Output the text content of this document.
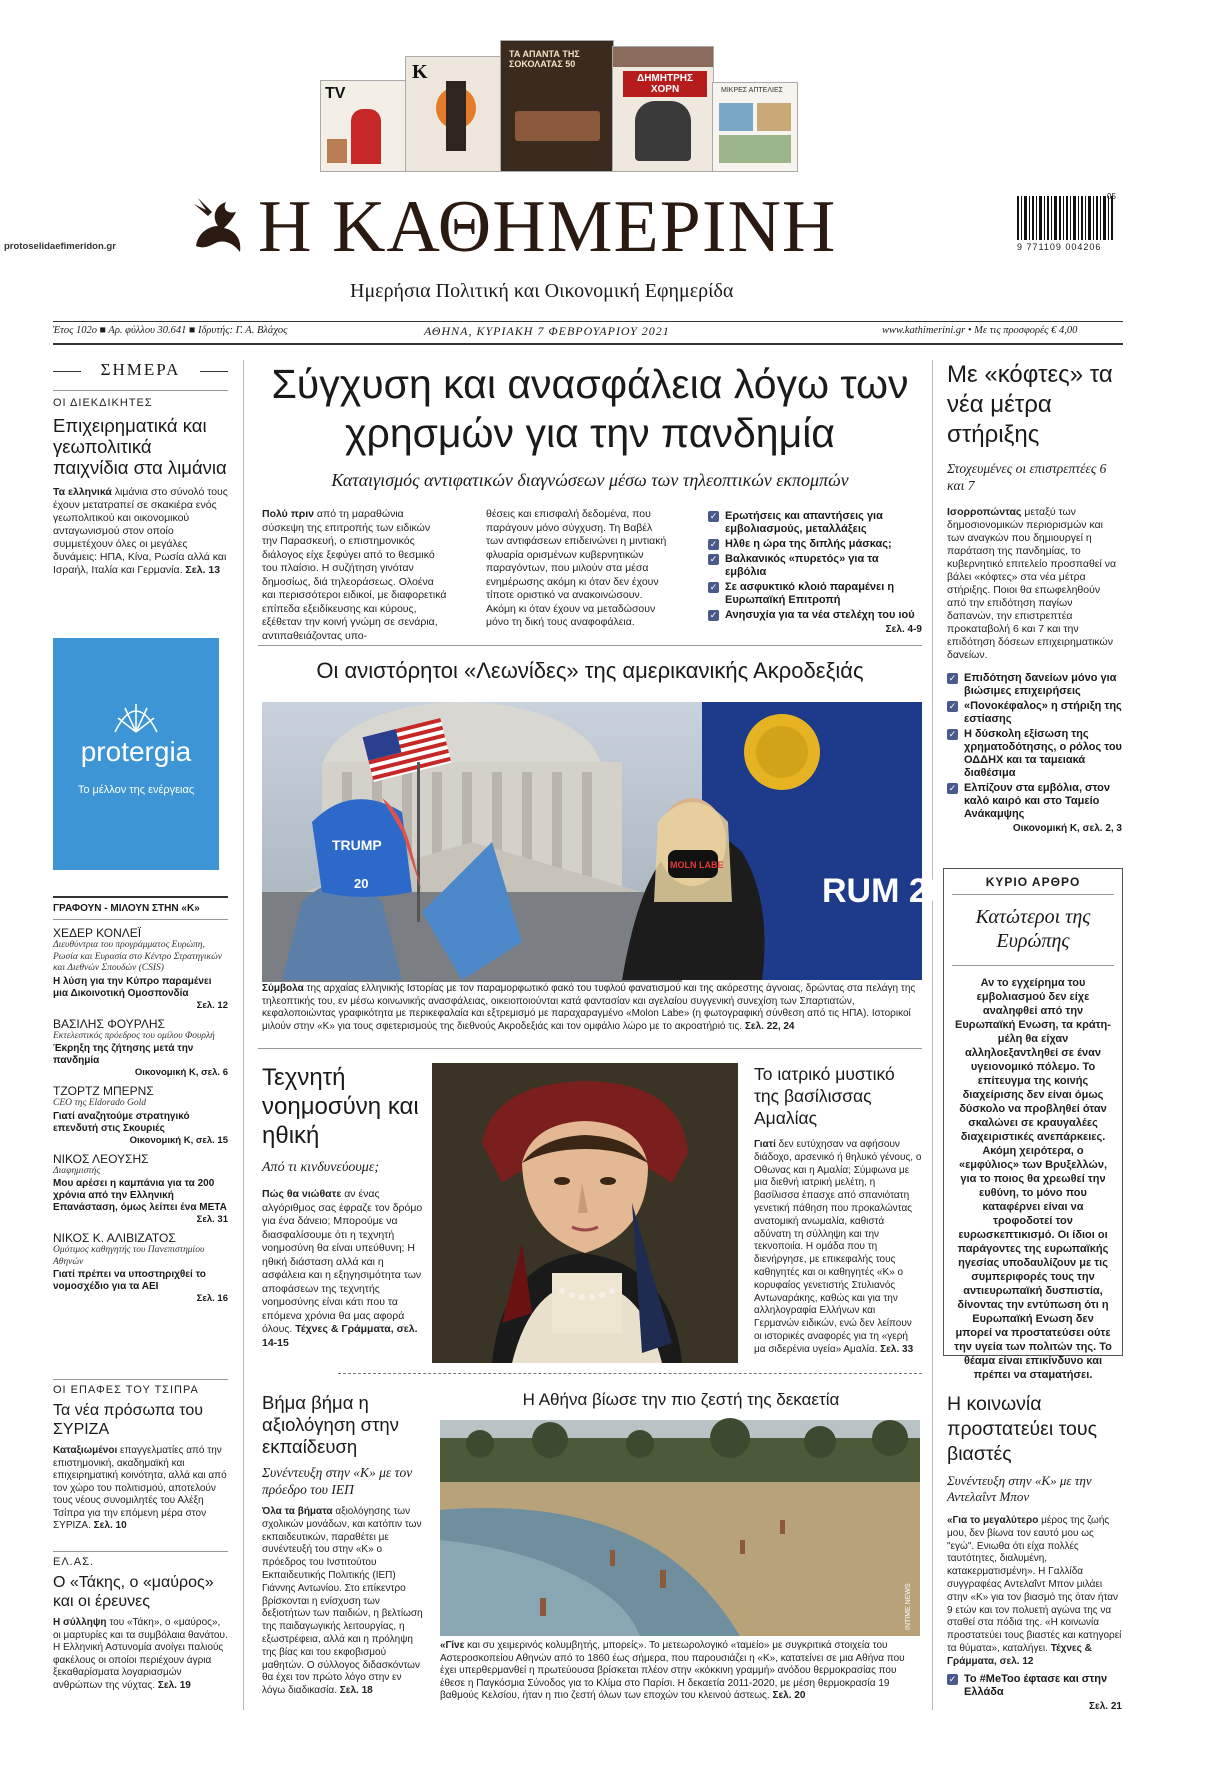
protoselidaefimeridon.gr
TV
K
ΤΑ ΑΠΑΝΤΑ ΤΗΣ ΣΟΚΟΛΑΤΑΣ 50
ΔΗΜΗΤΡΗΣ ΧΟΡΝ	ΜΙΚΡΕΣ ΑΠΤΕΛΙΕΣ
Η ΚΑΘΗΜΕΡΙΝΗ
Ημερήσια Πολιτική και Οικονομική Εφημερίδα
05
9 771109 004206
Έτος 102ο ■ Αρ. φύλλου 30.641 ■ Ιδρυτής: Γ. Α. Βλάχος	ΑΘΗΝΑ, ΚΥΡΙΑΚΗ 7 ΦΕΒΡΟΥΑΡΙΟΥ 2021	www.kathimerini.gr • Με τις προσφορές € 4,00
ΣΗΜΕΡΑ
ΟΙ ΔΙΕΚΔΙΚΗΤΕΣ
Επιχειρηματικά και γεωπολιτικά παιχνίδια στα λιμάνια
Τα ελληνικά λιμάνια στο σύνολό τους έχουν μετατραπεί σε σκακιέρα ενός γεωπολιτικού και οικονομικού ανταγωνισμού στον οποίο συμμετέχουν όλες οι μεγάλες δυνάμεις: ΗΠΑ, Κίνα, Ρωσία αλλά και Ισραήλ, Ιταλία και Γερμανία. Σελ. 13
protergia
Το μέλλον της ενέργειας
ΓΡΑΦΟΥΝ - ΜΙΛΟΥΝ ΣΤΗΝ «Κ»
ΧΕΔΕΡ ΚΟΝΛΕΪ
Διευθύντρια του προγράμματος Ευρώπη, Ρωσία και Ευρασία στο Κέντρο Στρατηγικών και Διεθνών Σπουδών (CSIS)
Η λύση για την Κύπρο παραμένει μια Δικοινοτική Ομοσπονδία
Σελ. 12
ΒΑΣΙΛΗΣ ΦΟΥΡΛΗΣ
Εκτελεστικός πρόεδρος του ομίλου Φουρλή
Έκρηξη της ζήτησης μετά την πανδημία
Οικονομική Κ, σελ. 6
ΤΖΟΡΤΖ ΜΠΕΡΝΣ
CEO της Eldorado Gold
Γιατί αναζητούμε στρατηγικό επενδυτή στις Σκουριές
Οικονομική Κ, σελ. 15
ΝΙΚΟΣ ΛΕΟΥΣΗΣ
Διαφημιστής
Μου αρέσει η καμπάνια για τα 200 χρόνια από την Ελληνική Επανάσταση, όμως λείπει ένα ΜΕΤΑ
Σελ. 31
ΝΙΚΟΣ Κ. ΑΛΙΒΙΖΑΤΟΣ
Ομότιμος καθηγητής του Πανεπιστημίου Αθηνών
Γιατί πρέπει να υποστηριχθεί το νομοσχέδιο για τα ΑΕΙ
Σελ. 16
ΟΙ ΕΠΑΦΕΣ ΤΟΥ ΤΣΙΠΡΑ
Τα νέα πρόσωπα του ΣΥΡΙΖΑ
Καταξιωμένοι επαγγελματίες από την επιστημονική, ακαδημαϊκή και επιχειρηματική κοινότητα, αλλά και από τον χώρο του πολιτισμού, αποτελούν τους νέους συνομιλητές του Αλέξη Τσίπρα για την επόμενη μέρα στον ΣΥΡΙΖΑ. Σελ. 10
ΕΛ.ΑΣ.
Ο «Τάκης, ο «μαύρος» και οι έρευνες
Η σύλληψη του «Τάκη», ο «μαύρος», οι μαρτυρίες και τα συμβόλαια θανάτου. Η Ελληνική Αστυνομία ανοίγει παλιούς φακέλους οι οποίοι περιέχουν άγρια ξεκαθαρίσματα λογαριασμών ανθρώπων της νύχτας. Σελ. 19
Σύγχυση και ανασφάλεια λόγω των χρησμών για την πανδημία
Καταιγισμός αντιφατικών διαγνώσεων μέσω των τηλεοπτικών εκπομπών
Πολύ πριν από τη μαραθώνια σύσκεψη της επιτροπής των ειδικών την Παρασκευή, ο επιστημονικός διάλογος είχε ξεφύγει από το θεσμικό του πλαίσιο. Η συζήτηση γινόταν δημοσίως, διά τηλεοράσεως. Ολοένα και περισσότεροι ειδικοί, με διαφορετικά επίπεδα εξειδίκευσης και κύρους, εξέθεταν την κοινή γνώμη σε σενάρια, αντιπαθειάζοντας υπο-
θέσεις και επισφαλή δεδομένα, που παράγουν μόνο σύγχυση. Τη Βαβέλ των αντιφάσεων επιδεινώνει η μιντιακή φλυαρία ορισμένων κυβερνητικών παραγόντων, που μιλούν στα μέσα ενημέρωσης ακόμη κι όταν δεν έχουν τίποτε οριστικό να ανακοινώσουν. Ακόμη κι όταν έχουν να μεταδώσουν μόνο τη δική τους αναφοφάλεια.
✓ Ερωτήσεις και απαντήσεις για εμβολιασμούς, μεταλλάξεις
✓ Ηλθε η ώρα της διπλής μάσκας;
✓ Βαλκανικός «πυρετός» για τα εμβόλια
✓ Σε ασφυκτικό κλοιό παραμένει η Ευρωπαϊκή Επιτροπή
✓ Ανησυχία για τα νέα στελέχη του ιού
Σελ. 4-9
Οι ανιστόρητοι «Λεωνίδες» της αμερικανικής Ακροδεξιάς
TRUMP
20	RUM 2020
MOLN LABE
Σύμβολα της αρχαίας ελληνικής Ιστορίας με τον παραμορφωτικό φακό του τυφλού φανατισμού και της ακόρεστης άγνοιας, δρώντας στα πελάγη της τηλεοπτικής του, εν μέσω κοινωνικής ανασφάλειας, οικειοποιούνται κατά φαντασίαν και αγελαίου συγγενική συνεχίση των Σπαρτιατών, κεφαλοποιώντας γραφικότητα με περικεφαλαία και εξτρεμισμό με παραχαραγμένο «Molon Labe» (η φωτογραφική σύνθεση από τις ΗΠΑ). Ιστορικοί μιλούν στην «Κ» για τους σφετερισμούς της διεθνούς Ακροδεξιάς και τον ομφάλιο λώρο με το ακροατήριό τις. Σελ. 22, 24
Τεχνητή νοημοσύνη και ηθική
Από τι κινδυνεύουμε;
Πώς θα νιώθατε αν ένας αλγόριθμος σας έφραζε τον δρόμο για ένα δάνειο; Μπορούμε να διασφαλίσουμε ότι η τεχνητή νοημοσύνη θα είναι υπεύθυνη; Η ηθική διάσταση αλλά και η ασφάλεια και η εξηγησιμότητα των αποφάσεων της τεχνητής νοημοσύνης είναι κάτι που τα επόμενα χρόνια θα μας αφορά όλους. Τέχνες & Γράμματα, σελ. 14-15
Το ιατρικό μυστικό της βασίλισσας Αμαλίας
Γιατί δεν ευτύχησαν να αφήσουν διάδοχο, αρσενικό ή θηλυκό γένους, ο Οθωνας και η Αμαλία; Σύμφωνα με μια διεθνή ιατρική μελέτη, η βασίλισσα έπασχε από σπανιότατη γενετική πάθηση που προκαλώντας ανατομική ανωμαλία, καθιστά αδύνατη τη σύλληψη και την τεκνοποιία. Η ομάδα που τη διενήργησε, με επικεφαλής τους καθηγητές και οι καθηγητές «Κ» ο κορυφαίος γενετιστής Στυλιανός Αντωναράκης, καθώς και για την αλληλογραφία Ελλήνων και Γερμανών ειδικών, ενώ δεν λείπουν οι ιστορικές αναφορές για τη «γερή μα σιδερένια υγεία» Αμαλία. Σελ. 33
Βήμα βήμα η αξιολόγηση στην εκπαίδευση
Συνέντευξη στην «Κ» με τον πρόεδρο του ΙΕΠ
Όλα τα βήματα αξιολόγησης των σχολικών μονάδων, και κατόπιν των εκπαιδευτικών, παραθέτει με συνέντευξή του στην «Κ» ο πρόεδρος του Ινστιτούτου Εκπαιδευτικής Πολιτικής (ΙΕΠ) Γιάννης Αντωνίου. Στο επίκεντρο βρίσκονται η ενίσχυση των δεξιοτήτων των παιδιών, η βελτίωση της παιδαγωγικής λειτουργίας, η εξωστρέφεια, αλλά και η πρόληψη της βίας και του εκφοβισμού μαθητών. Ο σύλλογος διδασκόντων θα έχει τον πρώτο λόγο στην εν λόγω διαδικασία. Σελ. 18
Η Αθήνα βίωσε την πιο ζεστή της δεκαετία
INTIME NEWS
«Γίνε και συ χειμερινός κολυμβητής, μπορείς». Το μετεωρολογικό «ταμείο» με συγκριτικά στοιχεία του Αστεροσκοπείου Αθηνών από το 1860 έως σήμερα, που παρουσιάζει η «Κ», κατατείνει σε μια Αθήνα που έχει υπερθερμανθεί η πρωτεύουσα βρίσκεται πλέον στην «κόκκινη γραμμή» ανόδου θερμοκρασίας που έθεσε η Παγκόσμια Σύνοδος για το Κλίμα στο Παρίσι. Η δεκαετία 2011-2020, με μέση θερμοκρασία 19 βαθμούς Κελσίου, ήταν η πιο ζεστή όλων των εποχών του κλεινού άστεως. Σελ. 20
Με «κόφτες» τα νέα μέτρα στήριξης
Στοχευμένες οι επιστρεπτέες 6 και 7
Ισορροπώντας μεταξύ των δημοσιονομικών περιορισμών και των αναγκών που δημιουργεί η παράταση της πανδημίας, το κυβερνητικό επιτελείο προσπαθεί να βάλει «κόφτες» στα νέα μέτρα στήριξης. Ποιοι θα επωφεληθούν από την επιδότηση παγίων δαπανών, την επιστρεπτέα προκαταβολή 6 και 7 και την επιδότηση δόσεων επιχειρηματικών δανείων.
✓ Επιδότηση δανείων μόνο για βιώσιμες επιχειρήσεις
✓ «Πονοκέφαλος» η στήριξη της εστίασης
✓ Η δύσκολη εξίσωση της χρηματοδότησης, ο ρόλος του ΟΔΔΗΧ και τα ταμειακά διαθέσιμα
✓ Ελπίζουν στα εμβόλια, στον καλό καιρό και στο Ταμείο Ανάκαμψης
Οικονομική Κ, σελ. 2, 3
ΚΥΡΙΟ ΑΡΘΡΟ
Κατώτεροι της Ευρώπης
Αν το εγχείρημα του εμβολιασμού δεν είχε αναληφθεί από την Ευρωπαϊκή Ενωση, τα κράτη-μέλη θα είχαν αλληλοεξαντληθεί σε έναν υγειονομικό πόλεμο. Το επίτευγμα της κοινής διαχείρισης δεν είναι όμως δύσκολο να προβληθεί όταν σκαλώνει σε κραυγαλέες διαχειριστικές ανεπάρκειες. Ακόμη χειρότερα, ο «εμφύλιος» των Βρυξελλών, για το ποιος θα χρεωθεί την ευθύνη, το μόνο που καταφέρνει είναι να τροφοδοτεί τον ευρωσκεπτικισμό. Οι ίδιοι οι παράγοντες της ευρωπαϊκής ηγεσίας υποδαυλίζουν με τις συμπεριφορές τους την αντιευρωπαϊκή δυσπιστία, δίνοντας την εντύπωση ότι η Ευρωπαϊκή Ενωση δεν μπορεί να προστατεύσει ούτε την υγεία των πολιτών της. Το θέαμα είναι επικίνδυνο και πρέπει να σταματήσει.
Η κοινωνία προστατεύει τους βιαστές
Συνέντευξη στην «Κ» με την Αντελαΐντ Μπον
«Για το μεγαλύτερο μέρος της ζωής μου, δεν βίωνα τον εαυτό μου ως "εγώ". Ενιωθα ότι είχα πολλές ταυτότητες, διαλυμένη, κατακερματισμένη». Η Γαλλίδα συγγραφέας Αντελαΐντ Μπον μιλάει στην «Κ» για τον βιασμό της όταν ήταν 9 ετών και τον πολυετή αγώνα της να σταθεί στα πόδια της. «Η κοινωνία προστατεύει τους βιαστές και κατηγορεί τα θύματα», καταλήγει. Τέχνες & Γράμματα, σελ. 12
✓ Το #MeToo έφτασε και στην Ελλάδα
Σελ. 21
